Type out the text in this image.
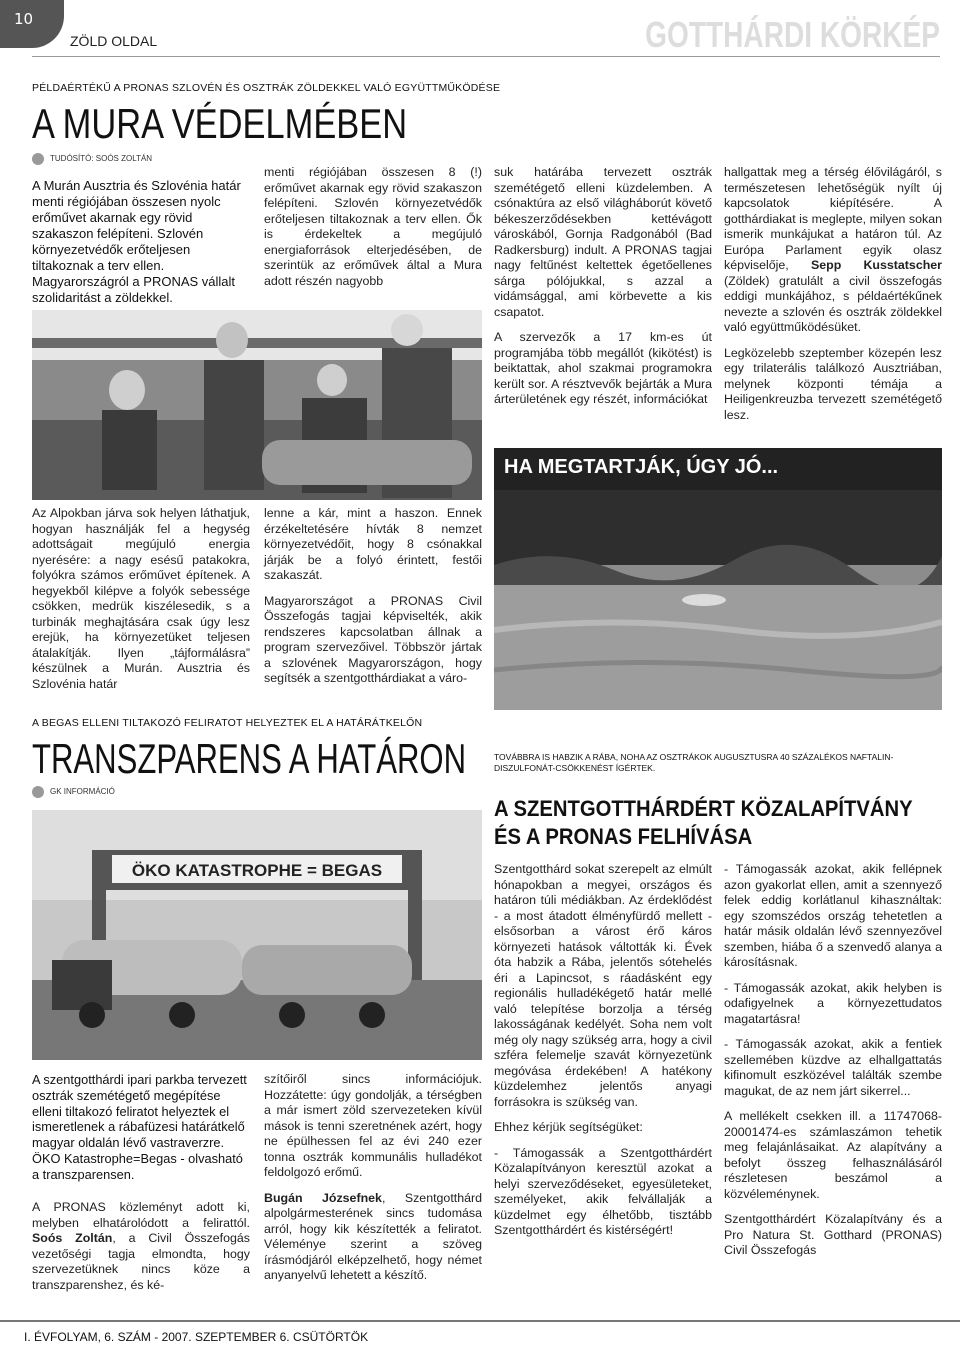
10
ZÖLD OLDAL	GOTTHÁRDI KÖRKÉP
PÉLDAÉRTÉKŰ A PRONAS SZLOVÉN ÉS OSZTRÁK ZÖLDEKKEL VALÓ EGYÜTTMŰKÖDÉSE
A MURA VÉDELMÉBEN
TUDÓSÍTÓ: SOÓS ZOLTÁN
A Murán Ausztria és Szlovénia határ menti régiójában összesen nyolc erőművet akarnak egy rövid szakaszon felépíteni. Szlovén környezetvédők erőteljesen tiltakoznak a terv ellen. Magyarországról a PRONAS vállalt szolidaritást a zöldekkel.

menti régiójában összesen 8 (!) erőművet akarnak egy rövid szakaszon felépíteni. Szlovén környezetvédők erőteljesen tiltakoznak a terv ellen. Ők is érdekeltek a megújuló energiaforrások elterjedésében, de szerintük az erőművek által a Mura adott részén nagyobb

suk határába tervezett osztrák szemétégető elleni küzdelemben. A csónaktúra az első világháborút követő békeszerződésekben kettévágott városkából, Gornja Radgonából (Bad Radkersburg) indult. A PRONAS tagjai nagy feltűnést keltettek égetőellenes sárga pólójukkal, s azzal a vidámsággal, ami körbevette a kis csapatot.

A szervezők a 17 km-es út programjába több megállót (kikötést) is beiktattak, ahol szakmai programokra került sor. A résztvevők bejárták a Mura árterületének egy részét, információkat

hallgattak meg a térség élővilágáról, s természetesen lehetőségük nyílt új kapcsolatok kiépítésére. A gotthárdiakat is meglepte, milyen sokan ismerik munkájukat a határon túl. Az Európa Parlament egyik olasz képviselője, Sepp Kusstatscher (Zöldek) gratulált a civil összefogás eddigi munkájához, s példaértékűnek nevezte a szlovén és osztrák zöldekkel való együttműködésüket.

Legközelebb szeptember közepén lesz egy trilaterális találkozó Ausztriában, melynek központi témája a Heiligenkreuzba tervezett szemétégető lesz.

HA MEGTARTJÁK, ÚGY JÓ...

Az Alpokban járva sok helyen láthatjuk, hogyan használják fel a hegység adottságait megújuló energia nyerésére: a nagy esésű patakokra, folyókra számos erőművet építenek. A hegyekből kilépve a folyók sebessége csökken, medrük kiszélesedik, s a turbinák meghajtására csak úgy lesz erejük, ha környezetüket teljesen átalakítják. Ilyen „tájformálásra” készülnek a Murán. Ausztria és Szlovénia határ

lenne a kár, mint a haszon. Ennek érzékeltetésére hívták 8 nemzet környezetvédőit, hogy 8 csónakkal járják be a folyó érintett, festői szakaszát.

Magyarországot a PRONAS Civil Összefogás tagjai képviselték, akik rendszeres kapcsolatban állnak a program szervezőivel. Többször jártak a szlovének Magyarországon, hogy segítsék a szentgotthárdiakat a váro-

A BEGAS ELLENI TILTAKOZÓ FELIRATOT HELYEZTEK EL A HATÁRÁTKELŐN
TRANSZPARENS A HATÁRON
GK INFORMÁCIÓ
ÖKO KATASTROPHE = BEGAS
A szentgotthárdi ipari parkba tervezett osztrák szemétégető megépítése elleni tiltakozó feliratot helyeztek el ismeretlenek a rábafüzesi határátkelő magyar oldalán lévő vastraverzre. ÖKO Katastrophe=Begas - olvasható a transzparensen.

A PRONAS közleményt adott ki, melyben elhatárolódott a felirattól. Soós Zoltán, a Civil Összefogás vezetőségi tagja elmondta, hogy szervezetüknek nincs köze a transzparenshez, és ké-

szítőiről sincs információjuk. Hozzátette: úgy gondolják, a térségben a már ismert zöld szervezeteken kívül mások is tenni szeretnének azért, hogy ne épülhessen fel az évi 240 ezer tonna osztrák kommunális hulladékot feldolgozó erőmű.

Bugán Józsefnek, Szentgotthárd alpolgármesterének sincs tudomása arról, hogy kik készítették a feliratot. Véleménye szerint a szöveg írásmódjáról elképzelhető, hogy német anyanyelvű lehetett a készítő.

TOVÁBBRA IS HABZIK A RÁBA, NOHA AZ OSZTRÁKOK AUGUSZTUSRA 40 SZÁZALÉKOS NAFTALIN-DISZULFONÁT-CSÖKKENÉST ÍGÉRTEK.
A SZENTGOTTHÁRDÉRT KÖZALAPÍTVÁNY
ÉS A PRONAS FELHÍVÁSA

Szentgotthárd sokat szerepelt az elmúlt hónapokban a megyei, országos és határon túli médiákban. Az érdeklődést - a most átadott élményfürdő mellett - elsősorban a várost érő káros környezeti hatások váltották ki. Évek óta habzik a Rába, jelentős sótehelés éri a Lapincsot, s ráadásként egy regionális hulladékégető határ mellé való telepítése borzolja a térség lakosságának kedélyét. Soha nem volt még oly nagy szükség arra, hogy a civil szféra felemelje szavát környezetünk megóvása érdekében! A hatékony küzdelemhez jelentős anyagi forrásokra is szükség van.

Ehhez kérjük segítségüket:

- Támogassák a Szentgotthárdért Közalapítványon keresztül azokat a helyi szerveződéseket, egyesületeket, személyeket, akik felvállalják a küzdelmet egy élhetőbb, tisztább Szentgotthárdért és kistérségért!

- Támogassák azokat, akik fellépnek azon gyakorlat ellen, amit a szennyező felek eddig korlátlanul kihasználtak: egy szomszédos ország tehetetlen a határ másik oldalán lévő szennyezővel szemben, hiába ő a szenvedő alanya a károsításnak.

- Támogassák azokat, akik helyben is odafigyelnek a környezettudatos magatartásra!

- Támogassák azokat, akik a fentiek szellemében küzdve az elhallgattatás kifinomult eszközével találták szembe magukat, de az nem járt sikerrel...

A mellékelt csekken ill. a 11747068-20001474-es számlaszámon tehetik meg felajánlásaikat. Az alapítvány a befolyt összeg felhasználásáról részletesen beszámol a közvéleménynek.

Szentgotthárdért Közalapítvány és a Pro Natura St. Gotthard (PRONAS) Civil Összefogás

I. ÉVFOLYAM, 6. SZÁM - 2007. SZEPTEMBER 6. CSÜTÖRTÖK
